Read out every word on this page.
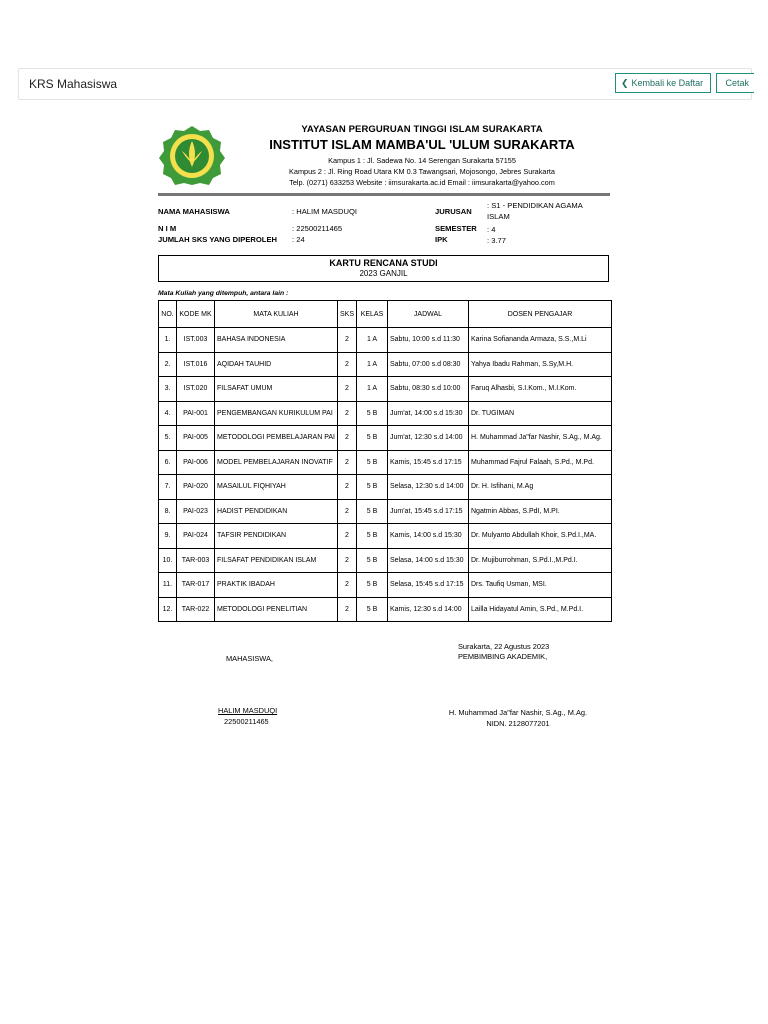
KRS Mahasiswa	❮ Kembali ke Daftar Cetak
IIM
YAYASAN PERGURUAN TINGGI ISLAM SURAKARTA
INSTITUT ISLAM MAMBA'UL 'ULUM SURAKARTA
Kampus 1 : Jl. Sadewa No. 14 Serengan Surakarta 57155
Kampus 2 : Jl. Ring Road Utara KM 0.3 Tawangsari, Mojosongo, Jebres Surakarta
Telp. (0271) 633253 Website : iimsurakarta.ac.id Email : iimsurakarta@yahoo.com
NAMA MAHASISWA	: HALIM MASDUQI	JURUSAN
: S1 - PENDIDIKAN AGAMA ISLAM
N I M	: 22500211465	SEMESTER : 4
JUMLAH SKS YANG DIPEROLEH : 24	IPK	: 3.77
KARTU RENCANA STUDI
2023 GANJIL
Mata Kuliah yang ditempuh, antara lain :
NO.	KODE MK	MATA KULIAH	SKS	KELAS	JADWAL	DOSEN PENGAJAR
1.	IST.003	BAHASA INDONESIA	2	1 A	Sabtu, 10:00 s.d 11:30	Karina Sofiananda Armaza, S.S.,M.Li
2.	IST.016	AQIDAH TAUHID	2	1 A	Sabtu, 07:00 s.d 08:30	Yahya Ibadu Rahman, S.Sy,M.H.
3.	IST.020	FILSAFAT UMUM	2	1 A	Sabtu, 08:30 s.d 10:00	Faruq Alhasbi, S.I.Kom., M.I.Kom.
4.	PAI-001	PENGEMBANGAN KURIKULUM PAI	2	5 B	Jum'at, 14:00 s.d 15:30	Dr. TUGIMAN
5.	PAI-005	METODOLOGI PEMBELAJARAN PAI	2	5 B	Jum'at, 12:30 s.d 14:00	H. Muhammad Ja"far Nashir, S.Ag., M.Ag.
6.	PAI-006	MODEL PEMBELAJARAN INOVATIF	2	5 B	Kamis, 15:45 s.d 17:15	Muhammad Fajrul Falaah, S.Pd., M.Pd.
7.	PAI-020	MASAILUL FIQHIYAH	2	5 B	Selasa, 12:30 s.d 14:00	Dr. H. Isfihani, M.Ag
8.	PAI-023	HADIST PENDIDIKAN	2	5 B	Jum'at, 15:45 s.d 17:15	Ngatmin Abbas, S.PdI, M.PI.
9.	PAI-024	TAFSIR PENDIDIKAN	2	5 B	Kamis, 14:00 s.d 15:30	Dr. Mulyanto Abdullah Khoir, S.Pd.I.,MA.
10.	TAR-003	FILSAFAT PENDIDIKAN ISLAM	2	5 B	Selasa, 14:00 s.d 15:30	Dr. Mujiburrohman, S.Pd.I.,M.Pd.I.
11.	TAR-017	PRAKTIK IBADAH	2	5 B	Selasa, 15:45 s.d 17:15	Drs. Taufiq Usman, MSI.
12.	TAR-022	METODOLOGI PENELITIAN	2	5 B	Kamis, 12:30 s.d 14:00	Lailla Hidayatul Amin, S.Pd., M.Pd.I.
Surakarta, 22 Agustus 2023
PEMBIMBING AKADEMIK,
MAHASISWA,
HALIM MASDUQI
22500211465
H. Muhammad Ja"far Nashir, S.Ag., M.Ag.
NIDN. 2128077201
